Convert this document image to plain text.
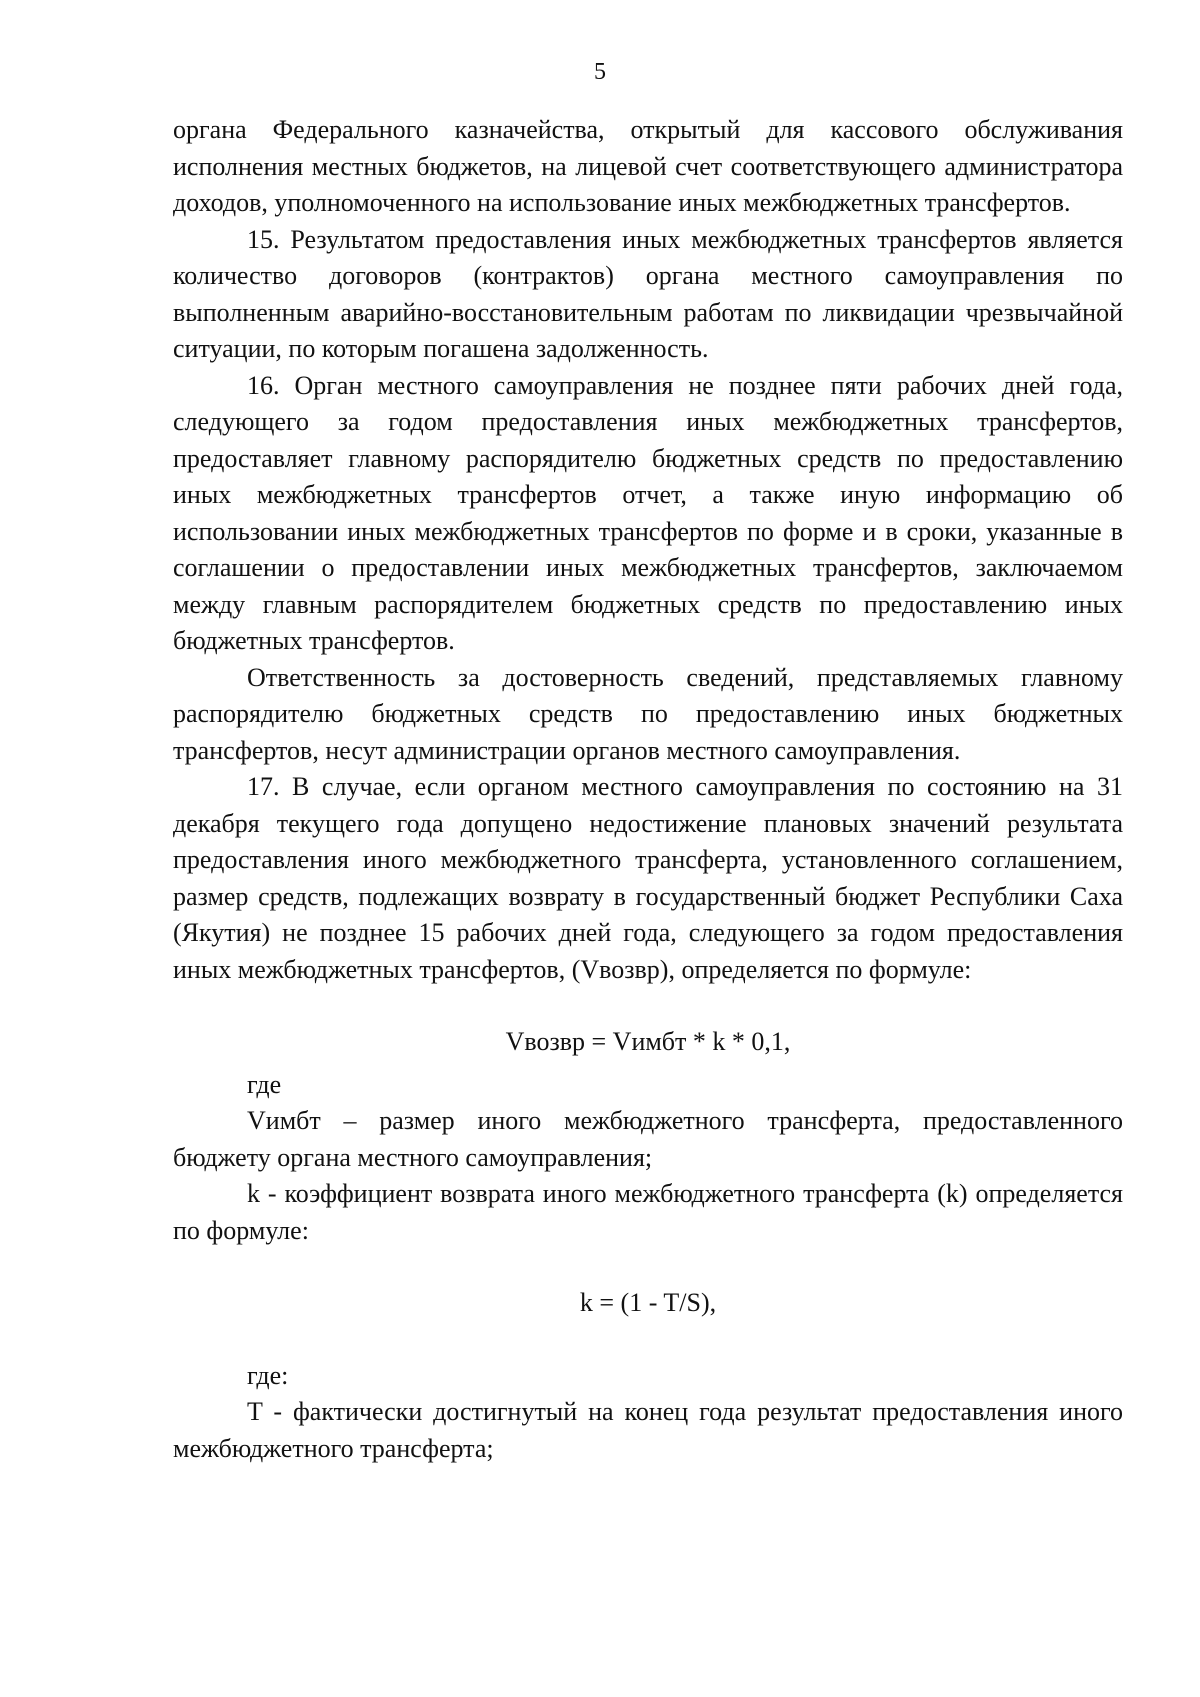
5

органа Федерального казначейства, открытый для кассового обслуживания исполнения местных бюджетов, на лицевой счет соответствующего администратора доходов, уполномоченного на использование иных межбюджетных трансфертов.

15. Результатом предоставления иных межбюджетных трансфертов является количество договоров (контрактов) органа местного самоуправления по выполненным аварийно-восстановительным работам по ликвидации чрезвычайной ситуации, по которым погашена задолженность.

16. Орган местного самоуправления не позднее пяти рабочих дней года, следующего за годом предоставления иных межбюджетных трансфертов, предоставляет главному распорядителю бюджетных средств по предоставлению иных межбюджетных трансфертов отчет, а также иную информацию об использовании иных межбюджетных трансфертов по форме и в сроки, указанные в соглашении о предоставлении иных межбюджетных трансфертов, заключаемом между главным распорядителем бюджетных средств по предоставлению иных бюджетных трансфертов.

Ответственность за достоверность сведений, представляемых главному распорядителю бюджетных средств по предоставлению иных бюджетных трансфертов, несут администрации органов местного самоуправления.

17. В случае, если органом местного самоуправления по состоянию на 31 декабря текущего года допущено недостижение плановых значений результата предоставления иного межбюджетного трансферта, установленного соглашением, размер средств, подлежащих возврату в государственный бюджет Республики Саха (Якутия) не позднее 15 рабочих дней года, следующего за годом предоставления иных межбюджетных трансфертов, (Vвозвр), определяется по формуле:

Vвозвр = Vимбт * k * 0,1,

где

Vимбт – размер иного межбюджетного трансферта, предоставленного бюджету органа местного самоуправления;

k - коэффициент возврата иного межбюджетного трансферта (k) определяется по формуле:

k = (1 - T/S),

где:

T - фактически достигнутый на конец года результат предоставления иного межбюджетного трансферта;
